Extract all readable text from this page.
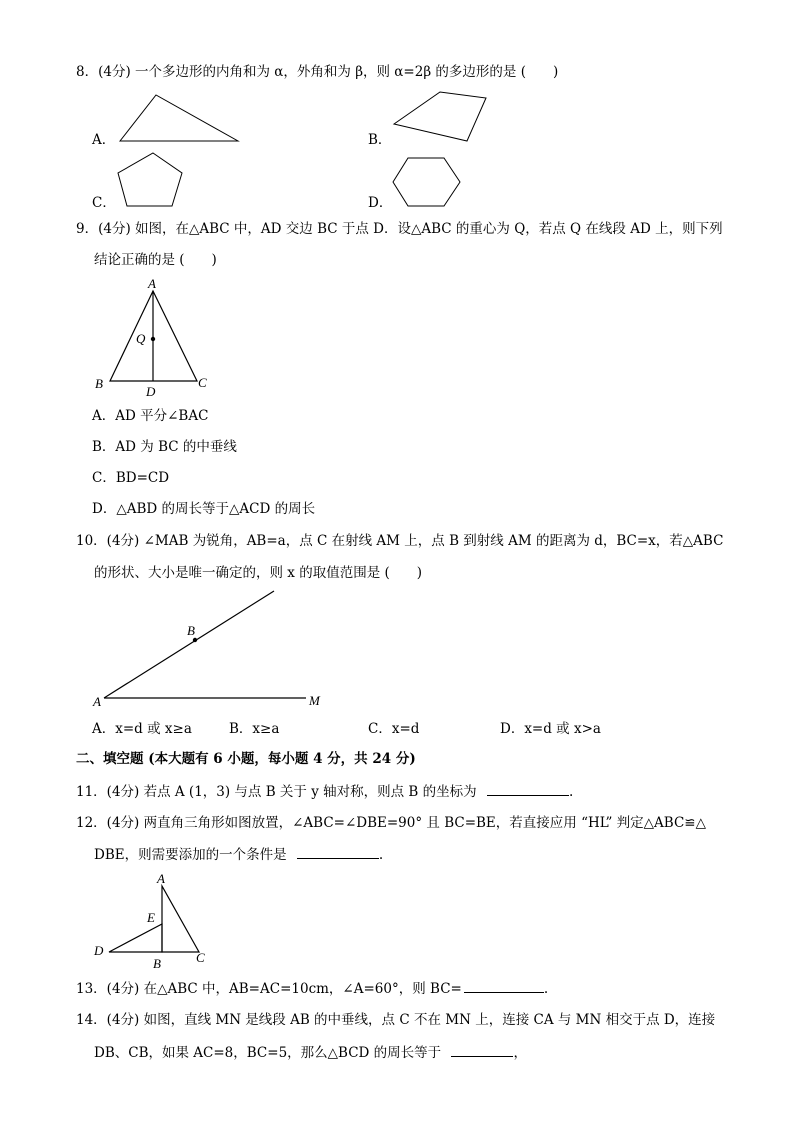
8．(4分) 一个多边形的内角和为 α，外角和为 β，则 α=2β 的多边形的是 (　　)
A．	B．
C．	D．
9．(4分) 如图，在△ABC 中，AD 交边 BC 于点 D．设△ABC 的重心为 Q，若点 Q 在线段 AD 上，则下列
结论正确的是 (　　)
A
Q
B
D
C
A．AD 平分∠BAC
B．AD 为 BC 的中垂线
C．BD=CD
D．△ABD 的周长等于△ACD 的周长
10．(4分) ∠MAB 为锐角，AB=a，点 C 在射线 AM 上，点 B 到射线 AM 的距离为 d，BC=x，若△ABC
的形状、大小是唯一确定的，则 x 的取值范围是 (　　)
B
A	M
A．x=d 或 x≥a	B．x≥a	C．x=d	D．x=d 或 x>a
二、填空题 (本大题有 6 小题，每小题 4 分，共 24 分)
11．(4分) 若点 A (1，3) 与点 B 关于 y 轴对称，则点 B 的坐标为	.
12．(4分) 两直角三角形如图放置，∠ABC=∠DBE=90° 且 BC=BE，若直接应用 “HL” 判定△ABC≌△
DBE，则需要添加的一个条件是	.
A
E
D
B	C
13．(4分) 在△ABC 中，AB=AC=10cm，∠A=60°，则 BC=	.
14．(4分) 如图，直线 MN 是线段 AB 的中垂线，点 C 不在 MN 上，连接 CA 与 MN 相交于点 D，连接
DB、CB，如果 AC=8，BC=5，那么△BCD 的周长等于	，
